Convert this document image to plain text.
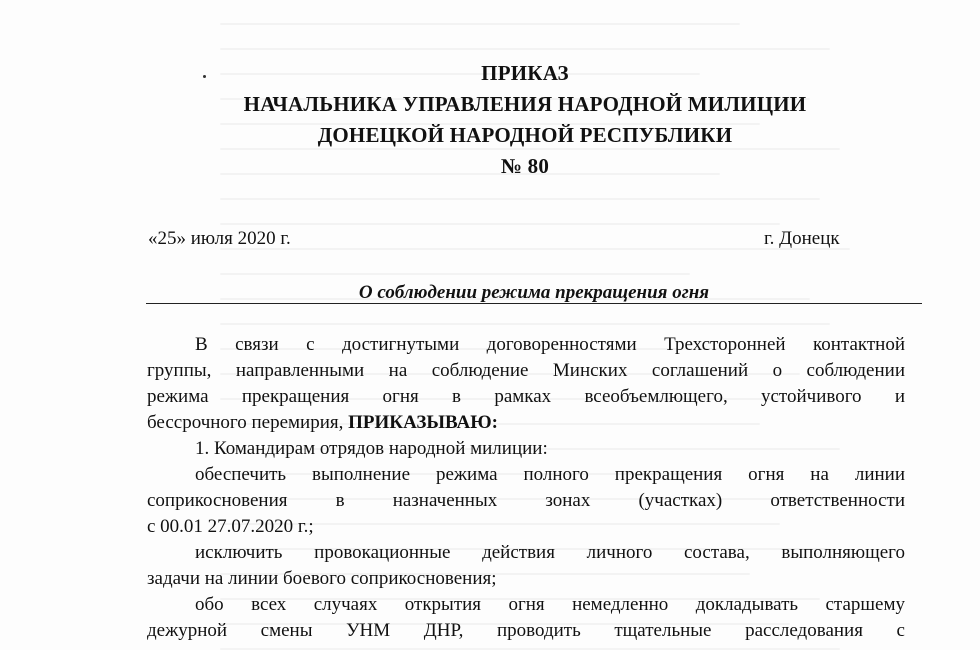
ПРИКАЗ
НАЧАЛЬНИКА УПРАВЛЕНИЯ НАРОДНОЙ МИЛИЦИИ
ДОНЕЦКОЙ НАРОДНОЙ РЕСПУБЛИКИ
№ 80
«25» июля 2020 г.	г. Донецк
О соблюдении режима прекращения огня
В связи с достигнутыми договоренностями Трехсторонней контактной
группы, направленными на соблюдение Минских соглашений о соблюдении
режима прекращения огня в рамках всеобъемлющего, устойчивого и
бессрочного перемирия, ПРИКАЗЫВАЮ:
1. Командирам отрядов народной милиции:
обеспечить выполнение режима полного прекращения огня на линии
соприкосновения в назначенных зонах (участках) ответственности
с 00.01 27.07.2020 г.;
исключить провокационные действия личного состава, выполняющего
задачи на линии боевого соприкосновения;
обо всех случаях открытия огня немедленно докладывать старшему
дежурной смены УНМ ДНР, проводить тщательные расследования с
